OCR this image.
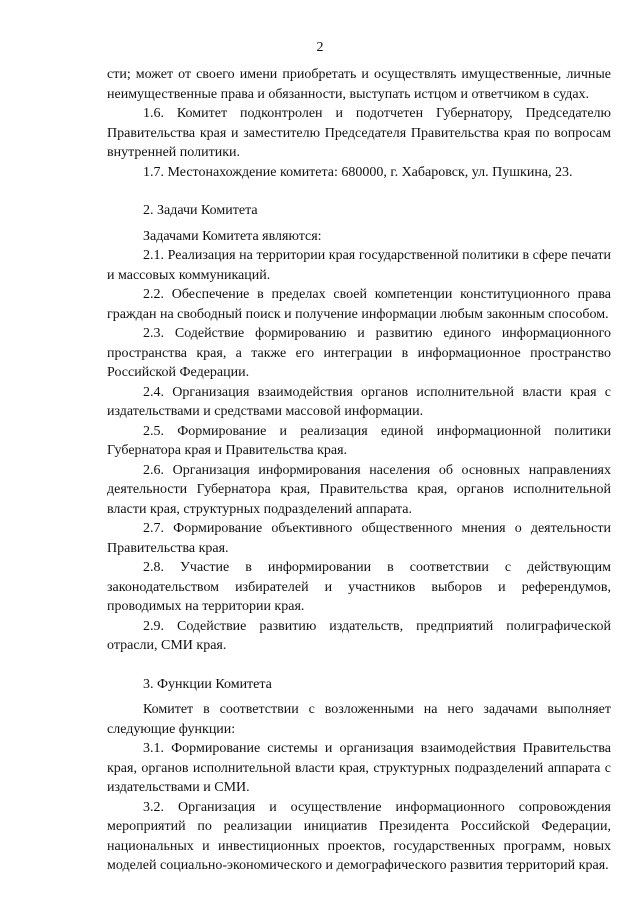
2

сти; может от своего имени приобретать и осуществлять имущественные, личные неимущественные права и обязанности, выступать истцом и ответчиком в судах.

1.6. Комитет подконтролен и подотчетен Губернатору, Председателю Правительства края и заместителю Председателя Правительства края по вопросам внутренней политики.

1.7. Местонахождение комитета: 680000, г. Хабаровск, ул. Пушкина, 23.

2. Задачи Комитета

Задачами Комитета являются:

2.1. Реализация на территории края государственной политики в сфере печати и массовых коммуникаций.

2.2. Обеспечение в пределах своей компетенции конституционного права граждан на свободный поиск и получение информации любым законным способом.

2.3. Содействие формированию и развитию единого информационного пространства края, а также его интеграции в информационное пространство Российской Федерации.

2.4. Организация взаимодействия органов исполнительной власти края с издательствами и средствами массовой информации.

2.5. Формирование и реализация единой информационной политики Губернатора края и Правительства края.

2.6. Организация информирования населения об основных направлениях деятельности Губернатора края, Правительства края, органов исполнительной власти края, структурных подразделений аппарата.

2.7. Формирование объективного общественного мнения о деятельности Правительства края.

2.8. Участие в информировании в соответствии с действующим законодательством избирателей и участников выборов и референдумов, проводимых на территории края.

2.9. Содействие развитию издательств, предприятий полиграфической отрасли, СМИ края.

3. Функции Комитета

Комитет в соответствии с возложенными на него задачами выполняет следующие функции:

3.1. Формирование системы и организация взаимодействия Правительства края, органов исполнительной власти края, структурных подразделений аппарата с издательствами и СМИ.

3.2. Организация и осуществление информационного сопровождения мероприятий по реализации инициатив Президента Российской Федерации, национальных и инвестиционных проектов, государственных программ, новых моделей социально-экономического и демографического развития территорий края.
